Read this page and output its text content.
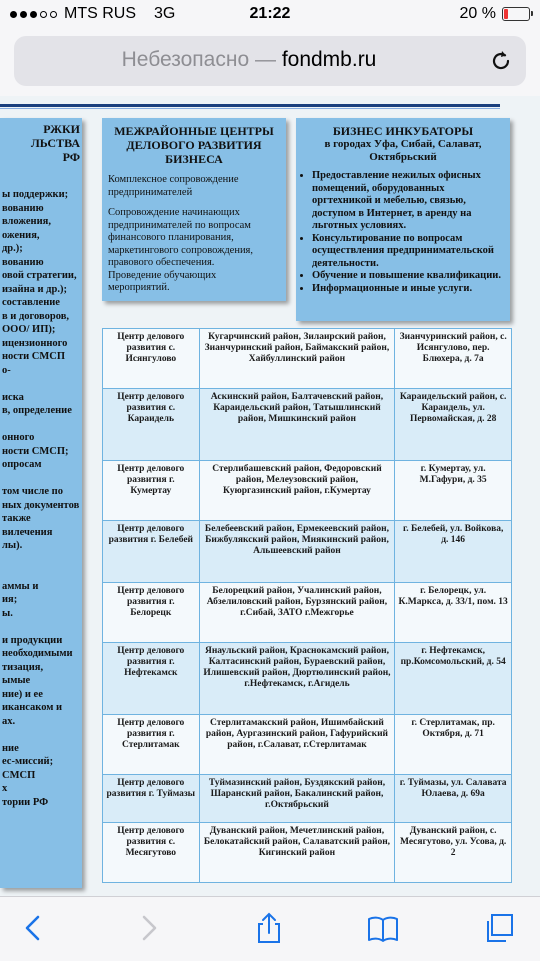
MTS RUS 3G	21:22	20 %
Небезопасно — fondmb.ru
РЖКИ
ЛЬСТВА
РФ
ы поддержки;
вованию
вложения,
ожения,
др.);
вованию
овой стратегии,
изайна и др.);
составление
в и договоров,
ООО/ ИП);
ицензионного
ности СМСП
о-

иска
в, определение

онного
ности СМСП;
опросам

том числе по
ных документов
также
вилечения
лы).

аммы и
ия;
ы.

и продукции
необходимыми
тизация,
ымые
ние) и ее
икансаком и
ах.

ние
ес-миссий;
СМСП
х
тории РФ
МЕЖРАЙОННЫЕ ЦЕНТРЫ ДЕЛОВОГО РАЗВИТИЯ БИЗНЕСА

Комплексное сопровождение предпринимателей

Сопровождение начинающих предпринимателей по вопросам финансового планирования, маркетингового сопровождения, правового обеспечения.

Проведение обучающих мероприятий.

БИЗНЕС ИНКУБАТОРЫ
в городах Уфа, Сибай, Салават, Октябрьский
• Предоставление нежилых офисных помещений, оборудованных оргтехникой и мебелью, связью, доступом в Интернет, в аренду на льготных условиях.
• Консультирование по вопросам осуществления предпринимательской деятельности.
• Обучение и повышение квалификации.
• Информационные и иные услуги.
Центр делового развития с. Исянгулово	Кугарчинский район, Зилаирский район, Зианчуринский район, Баймакский район, Хайбуллинский район	Зианчуринский район, с. Исянгулово, пер. Блюхера, д. 7а
Центр делового развития с. Караидель	Аскинский район, Балтачевский район, Караидельский район, Татышлинский район, Мишкинский район	Караидельский район, с. Караидель, ул. Первомайская, д. 28
Центр делового развития г. Кумертау	Стерлибашевский район, Федоровский район, Мелеузовский район, Куюргазинский район, г.Кумертау	г. Кумертау, ул. М.Гафури, д. 35
Центр делового развития г. Белебей	Белебеевский район, Ермекеевский район, Бижбулякский район, Миякинский район, Альшеевский район	г. Белебей, ул. Войкова, д. 146
Центр делового развития г. Белорецк	Белорецкий район, Учалинский район, Абзелиловский район, Бурзянский район, г.Сибай, ЗАТО г.Межгорье	г. Белорецк, ул. К.Маркса, д. 33/1, пом. 13
Центр делового развития г. Нефтекамск	Янаульский район, Краснокамский район, Калтасинский район, Бураевский район, Илишевский район, Дюртюлинский район, г.Нефтекамск, г.Агидель	г. Нефтекамск, пр.Комсомольский, д. 54
Центр делового развития г. Стерлитамак	Стерлитамакский район, Ишимбайский район, Аургазинский район, Гафурийский район, г.Салават, г.Стерлитамак	г. Стерлитамак, пр. Октября, д. 71
Центр делового развития г. Туймазы	Туймазинский район, Буздякский район, Шаранский район, Бакалинский район, г.Октябрьский	г. Туймазы, ул. Салавата Юлаева, д. 69а
Центр делового развития с. Месягутово	Дуванский район, Мечетлинский район, Белокатайский район, Салаватский район, Кигинский район	Дуванский район, с. Месягутово, ул. Усова, д. 2
